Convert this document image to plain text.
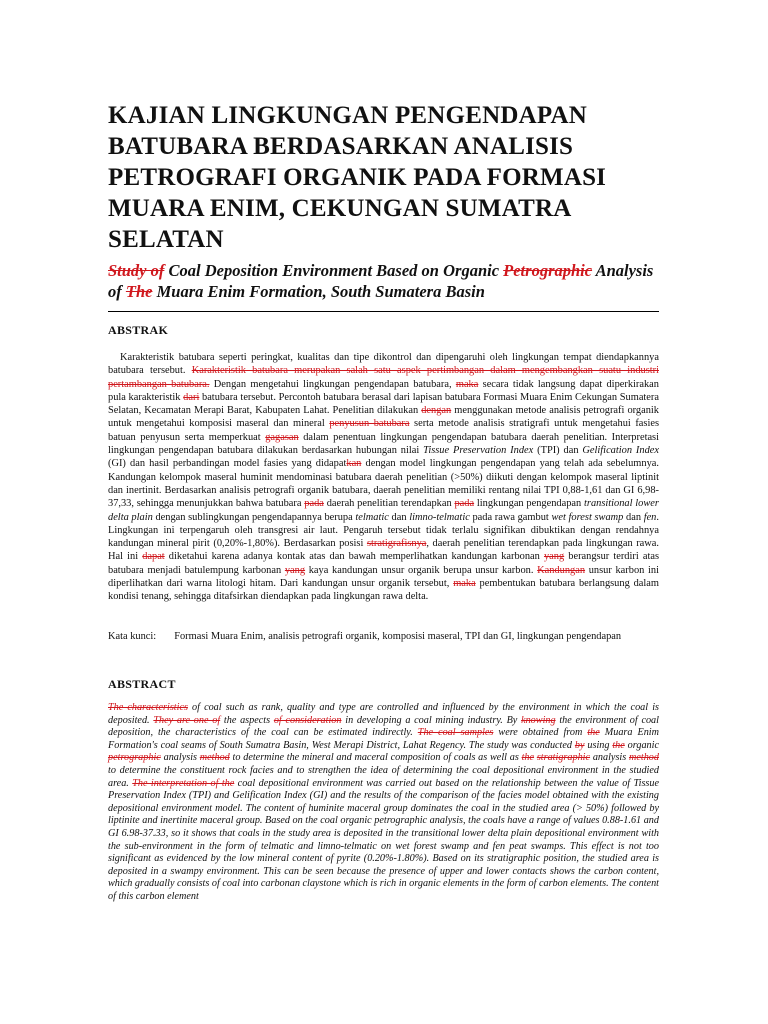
KAJIAN LINGKUNGAN PENGENDAPAN BATUBARA BERDASARKAN ANALISIS PETROGRAFI ORGANIK PADA FORMASI MUARA ENIM, CEKUNGAN SUMATRA SELATAN

Study of Coal Deposition Environment Based on Organic Petrographic Analysis of The Muara Enim Formation, South Sumatera Basin

ABSTRAK

Karakteristik batubara seperti peringkat, kualitas dan tipe dikontrol dan dipengaruhi oleh lingkungan tempat diendapkannya batubara tersebut. Karakteristik batubara merupakan salah satu aspek pertimbangan dalam mengembangkan suatu industri pertambangan batubara. Dengan mengetahui lingkungan pengendapan batubara, maka secara tidak langsung dapat diperkirakan pula karakteristik dari batubara tersebut. Percontoh batubara berasal dari lapisan batubara Formasi Muara Enim Cekungan Sumatera Selatan, Kecamatan Merapi Barat, Kabupaten Lahat. Penelitian dilakukan dengan menggunakan metode analisis petrografi organik untuk mengetahui komposisi maseral dan mineral penyusun batubara serta metode analisis stratigrafi untuk mengetahui fasies batuan penyusun serta memperkuat gagasan dalam penentuan lingkungan pengendapan batubara daerah penelitian. Interpretasi lingkungan pengendapan batubara dilakukan berdasarkan hubungan nilai Tissue Preservation Index (TPI) dan Gelification Index (GI) dan hasil perbandingan model fasies yang didapatkan dengan model lingkungan pengendapan yang telah ada sebelumnya. Kandungan kelompok maseral huminit mendominasi batubara daerah penelitian (>50%) diikuti dengan kelompok maseral liptinit dan inertinit. Berdasarkan analisis petrografi organik batubara, daerah penelitian memiliki rentang nilai TPI 0,88-1,61 dan GI 6,98-37,33, sehingga menunjukkan bahwa batubara pada daerah penelitian terendapkan pada lingkungan pengendapan transitional lower delta plain dengan sublingkungan pengendapannya berupa telmatic dan limno-telmatic pada rawa gambut wet forest swamp dan fen. Lingkungan ini terpengaruh oleh transgresi air laut. Pengaruh tersebut tidak terlalu signifikan dibuktikan dengan rendahnya kandungan mineral pirit (0,20%-1,80%). Berdasarkan posisi stratigrafisnya, daerah penelitian terendapkan pada lingkungan rawa. Hal ini dapat diketahui karena adanya kontak atas dan bawah memperlihatkan kandungan karbonan yang berangsur terdiri atas batubara menjadi batulempung karbonan yang kaya kandungan unsur organik berupa unsur karbon. Kandungan unsur karbon ini diperlihatkan dari warna litologi hitam. Dari kandungan unsur organik tersebut, maka pembentukan batubara berlangsung dalam kondisi tenang, sehingga ditafsirkan diendapkan pada lingkungan rawa delta.

Kata kunci:	Formasi Muara Enim, analisis petrografi organik, komposisi maseral, TPI dan GI, lingkungan pengendapan
ABSTRACT

The characteristics of coal such as rank, quality and type are controlled and influenced by the environment in which the coal is deposited. They are one of the aspects of consideration in developing a coal mining industry. By knowing the environment of coal deposition, the characteristics of the coal can be estimated indirectly. The coal samples were obtained from the Muara Enim Formation's coal seams of South Sumatra Basin, West Merapi District, Lahat Regency. The study was conducted by using the organic petrographic analysis method to determine the mineral and maceral composition of coals as well as the stratigraphic analysis method to determine the constituent rock facies and to strengthen the idea of determining the coal depositional environment in the studied area. The interpretation of the coal depositional environment was carried out based on the relationship between the value of Tissue Preservation Index (TPI) and Gelification Index (GI) and the results of the comparison of the facies model obtained with the existing depositional environment model. The content of huminite maceral group dominates the coal in the studied area (> 50%) followed by liptinite and inertinite maceral group. Based on the coal organic petrographic analysis, the coals have a range of values 0.88-1.61 and GI 6.98-37.33, so it shows that coals in the study area is deposited in the transitional lower delta plain depositional environment with the sub-environment in the form of telmatic and limno-telmatic on wet forest swamp and fen peat swamps. This effect is not too significant as evidenced by the low mineral content of pyrite (0.20%-1.80%). Based on its stratigraphic position, the studied area is deposited in a swampy environment. This can be seen because the presence of upper and lower contacts shows the carbon content, which gradually consists of coal into carbonan claystone which is rich in organic elements in the form of carbon elements. The content of this carbon element
